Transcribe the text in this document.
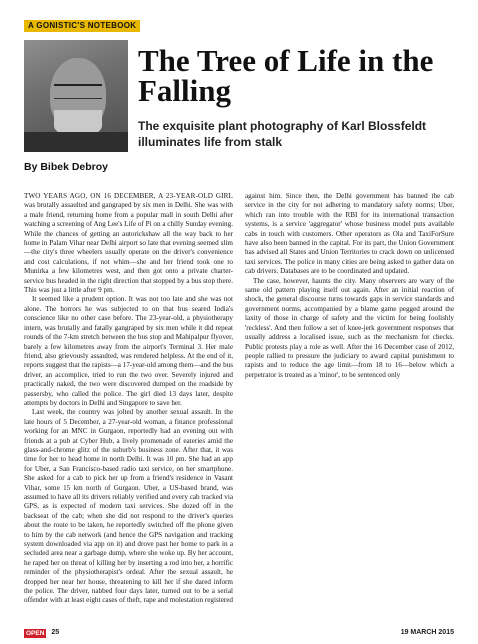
A GONISTIC'S NOTEBOOK
The Tree of Life in the Falling

The exquisite plant photography of Karl Blossfeldt illuminates life from stalk

By Bibek Debroy

TWO YEARS AGO, ON 16 DECEMBER, A 23-YEAR-OLD GIRL was brutally assaulted and gangraped by six men in Delhi. She was with a male friend, returning home from a popular mall in south Delhi after watching a screening of Ang Lee's Life of Pi on a chilly Sunday evening. While the chances of getting an autorickshaw all the way back to her home in Palam Vihar near Delhi airport so late that evening seemed slim—the city's three wheelers usually operate on the driver's convenience and cost calculations, if not whim—she and her friend took one to Munirka a few kilometres west, and then got onto a private charter-service bus headed in the right direction that stopped by a bus stop there. This was just a little after 9 pm.

It seemed like a prudent option. It was not too late and she was not alone. The horrors he was subjected to on that bus seared India's conscience like no other case before. The 23-year-old, a physiotherapy intern, was brutally and fatally gangraped by six men while it did repeat rounds of the 7-km stretch between the bus stop and Mahipalpur flyover, barely a few kilometres away from the airport's Terminal 3. Her male friend, also grievously assaulted, was rendered helpless. At the end of it, reports suggest that the rapists—a 17-year-old among them—and the bus driver, an accomplice, tried to run the two over. Severely injured and practically naked, the two were discovered dumped on the roadside by passersby, who called the police. The girl died 13 days later, despite attempts by doctors in Delhi and Singapore to save her.

Last week, the country was jolted by another sexual assault. In the late hours of 5 December, a 27-year-old woman, a finance professional working for an MNC in Gurgaon, reportedly had an evening out with friends at a pub at Cyber Hub, a lively promenade of eateries amid the glass-and-chrome glitz of the suburb's business zone. After that, it was time for her to head home in north Delhi. It was 10 pm. She had an app for Uber, a San Francisco-based radio taxi service, on her smartphone. She asked for a cab to pick her up from a friend's residence in Vasant Vihar, some 15 km north of Gurgaon. Uber, a US-based brand, was assumed to have all its drivers reliably verified and every cab tracked via GPS, as is expected of modern taxi services. She dozed off in the backseat of the cab; when she did not respond to the driver's queries about the route to be taken, he reportedly switched off the phone given to him by the cab network (and hence the GPS navigation and tracking system downloaded via app on it) and drove past her home to park in a secluded area near a garbage dump, where she woke up. By her account, he raped her on threat of killing her by inserting a rod into her, a horrific reminder of the physiotherapist's ordeal. After the sexual assault, he dropped her near her house, threatening to kill her if she dared inform the police. The driver, nabbed four days later, turned out to be a serial offender with at least eight cases of theft, rape and molestation registered against him. Since then, the Delhi government has banned the cab service in the city for not adhering to mandatory safety norms; Uber, which ran into trouble with the RBI for its international transaction systems, is a service 'aggregator' whose business model puts available cabs in touch with customers. Other operators as Ola and TaxiForSure have also been banned in the capital. For its part, the Union Government has advised all States and Union Territories to crack down on unlicensed taxi services. The police in many cities are being asked to gather data on cab drivers. Databases are to be coordinated and updated.

The case, however, haunts the city. Many observers are wary of the same old pattern playing itself out again. After an initial reaction of shock, the general discourse turns towards gaps in service standards and government norms, accompanied by a blame game pegged around the laxity of those in charge of safety and the victim for being foolishly 'reckless'. And then follow a set of knee-jerk government responses that usually address a localised issue, such as the mechanism for checks. Public protests play a role as well. After the 16 December case of 2012, people rallied to pressure the judiciary to award capital punishment to rapists and to reduce the age limit—from 18 to 16—below which a perpetrator is treated as a 'minor', to be sentenced only

OPEN 25	19 MARCH 2015
